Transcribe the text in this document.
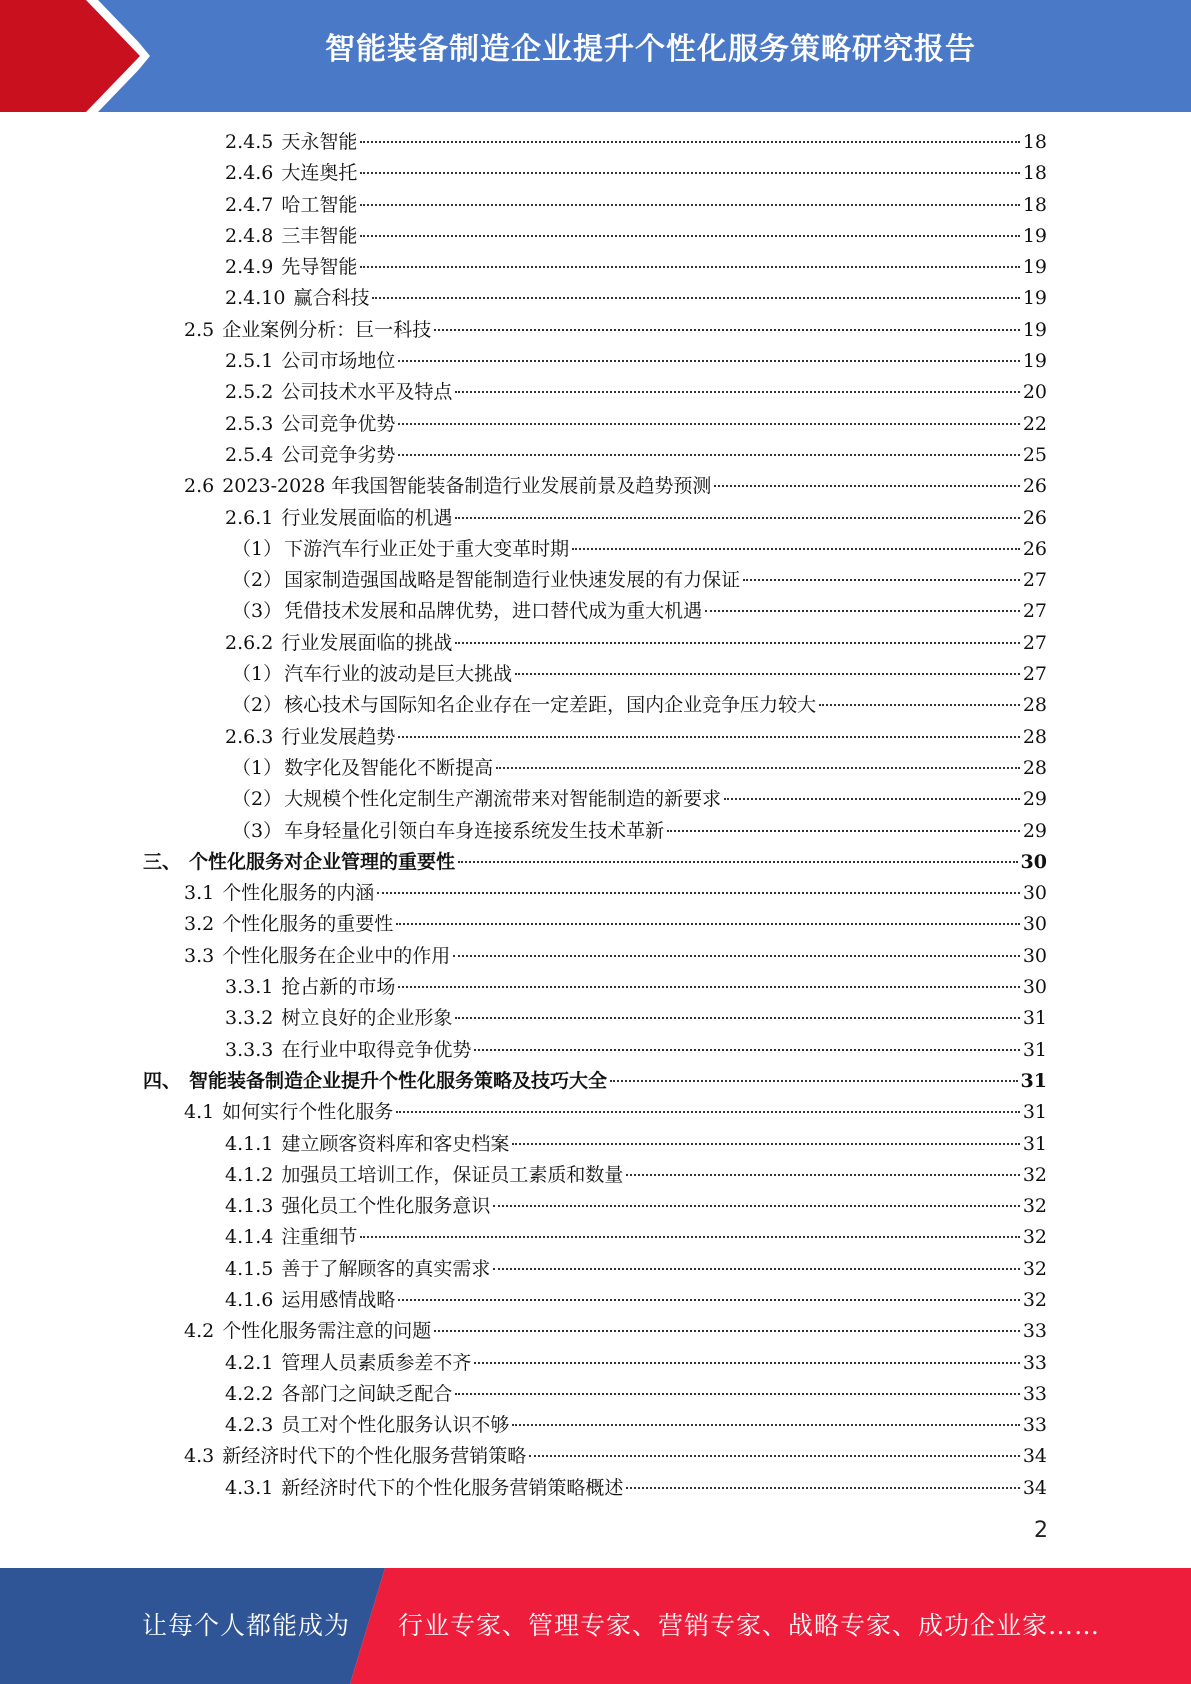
智能装备制造企业提升个性化服务策略研究报告
2.4.5 天永智能	18
2.4.6 大连奥托	18
2.4.7 哈工智能	18
2.4.8 三丰智能	19
2.4.9 先导智能	19
2.4.10 赢合科技	19
2.5 企业案例分析：巨一科技	19
2.5.1 公司市场地位	19
2.5.2 公司技术水平及特点	20
2.5.3 公司竞争优势	22
2.5.4 公司竞争劣势	25
2.6 2023-2028 年我国智能装备制造行业发展前景及趋势预测	26
2.6.1 行业发展面临的机遇	26
（1） 下游汽车行业正处于重大变革时期	26
（2） 国家制造强国战略是智能制造行业快速发展的有力保证	27
（3） 凭借技术发展和品牌优势，进口替代成为重大机遇	27
2.6.2 行业发展面临的挑战	27
（1） 汽车行业的波动是巨大挑战	27
（2） 核心技术与国际知名企业存在一定差距，国内企业竞争压力较大	28
2.6.3 行业发展趋势	28
（1） 数字化及智能化不断提高	28
（2） 大规模个性化定制生产潮流带来对智能制造的新要求	29
（3） 车身轻量化引领白车身连接系统发生技术革新	29
三、 个性化服务对企业管理的重要性	30
3.1 个性化服务的内涵	30
3.2 个性化服务的重要性	30
3.3 个性化服务在企业中的作用	30
3.3.1 抢占新的市场	30
3.3.2 树立良好的企业形象	31
3.3.3 在行业中取得竞争优势	31
四、 智能装备制造企业提升个性化服务策略及技巧大全	31
4.1 如何实行个性化服务	31
4.1.1 建立顾客资料库和客史档案	31
4.1.2 加强员工培训工作，保证员工素质和数量	32
4.1.3 强化员工个性化服务意识	32
4.1.4 注重细节	32
4.1.5 善于了解顾客的真实需求	32
4.1.6 运用感情战略	32
4.2 个性化服务需注意的问题	33
4.2.1 管理人员素质参差不齐	33
4.2.2 各部门之间缺乏配合	33
4.2.3 员工对个性化服务认识不够	33
4.3 新经济时代下的个性化服务营销策略	34
4.3.1 新经济时代下的个性化服务营销策略概述	34
2
让每个人都能成为 行业专家、管理专家、营销专家、战略专家、成功企业家……
